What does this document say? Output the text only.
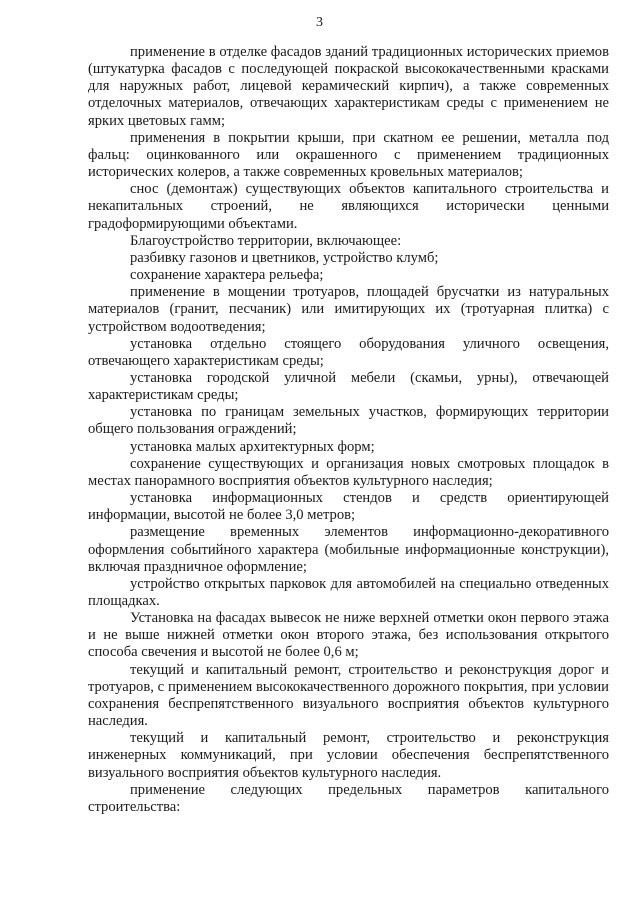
3

применение в отделке фасадов зданий традиционных исторических приемов (штукатурка фасадов с последующей покраской высококачественными красками для наружных работ, лицевой керамический кирпич), а также современных отделочных материалов, отвечающих характеристикам среды с применением не ярких цветовых гамм;

применения в покрытии крыши, при скатном ее решении, металла под фальц: оцинкованного или окрашенного с применением традиционных исторических колеров, а также современных кровельных материалов;

снос (демонтаж) существующих объектов капитального строительства и некапитальных строений, не являющихся исторически ценными градоформирующими объектами.

Благоустройство территории, включающее:

разбивку газонов и цветников, устройство клумб;

сохранение характера рельефа;

применение в мощении тротуаров, площадей брусчатки из натуральных материалов (гранит, песчаник) или имитирующих их (тротуарная плитка) с устройством водоотведения;

установка отдельно стоящего оборудования уличного освещения, отвечающего характеристикам среды;

установка городской уличной мебели (скамьи, урны), отвечающей характеристикам среды;

установка по границам земельных участков, формирующих территории общего пользования ограждений;

установка малых архитектурных форм;

сохранение существующих и организация новых смотровых площадок в местах панорамного восприятия объектов культурного наследия;

установка информационных стендов и средств ориентирующей информации, высотой не более 3,0 метров;

размещение временных элементов информационно-декоративного оформления событийного характера (мобильные информационные конструкции), включая праздничное оформление;

устройство открытых парковок для автомобилей на специально отведенных площадках.

Установка на фасадах вывесок не ниже верхней отметки окон первого этажа и не выше нижней отметки окон второго этажа, без использования открытого способа свечения и высотой не более 0,6 м;

текущий и капитальный ремонт, строительство и реконструкция дорог и тротуаров, с применением высококачественного дорожного покрытия, при условии сохранения беспрепятственного визуального восприятия объектов культурного наследия.

текущий и капитальный ремонт, строительство и реконструкция инженерных коммуникаций, при условии обеспечения беспрепятственного визуального восприятия объектов культурного наследия.

применение следующих предельных параметров капитального строительства:
